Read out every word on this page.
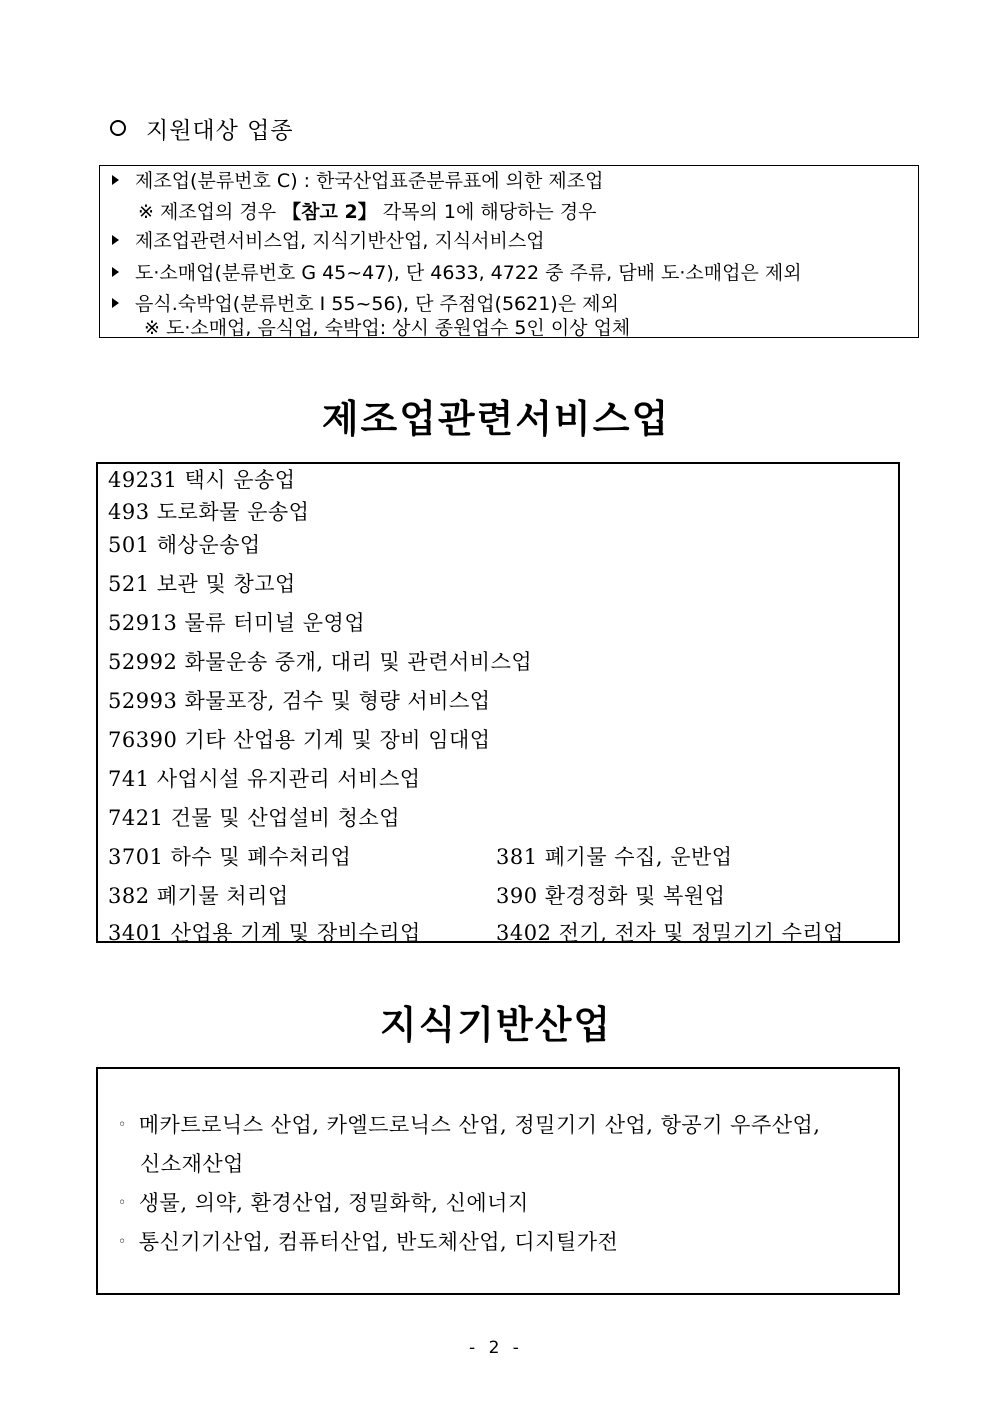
지원대상 업종
제조업(분류번호 C) : 한국산업표준분류표에 의한 제조업
※ 제조업의 경우 【참고 2】 각목의 1에 해당하는 경우
제조업관련서비스업, 지식기반산업, 지식서비스업
도·소매업(분류번호 G 45~47), 단 4633, 4722 중 주류, 담배 도·소매업은 제외
음식.숙박업(분류번호 I 55~56), 단 주점업(5621)은 제외
※ 도·소매업, 음식업, 숙박업: 상시 종원업수 5인 이상 업체
제조업관련서비스업
49231 택시 운송업
493 도로화물 운송업
501 해상운송업
521 보관 및 창고업
52913 물류 터미널 운영업
52992 화물운송 중개, 대리 및 관련서비스업
52993 화물포장, 검수 및 형량 서비스업
76390 기타 산업용 기계 및 장비 임대업
741 사업시설 유지관리 서비스업
7421 건물 및 산업설비 청소업
3701 하수 및 폐수처리업	381 폐기물 수집, 운반업
382 폐기물 처리업	390 환경정화 및 복원업
3401 산업용 기계 및 장비수리업	3402 전기, 전자 및 정밀기기 수리업
지식기반산업
◦ 메카트로닉스 산업, 카엘드로닉스 산업, 정밀기기 산업, 항공기 우주산업,
신소재산업
◦ 생물, 의약, 환경산업, 정밀화학, 신에너지
◦ 통신기기산업, 컴퓨터산업, 반도체산업, 디지틸가전
- 2 -
